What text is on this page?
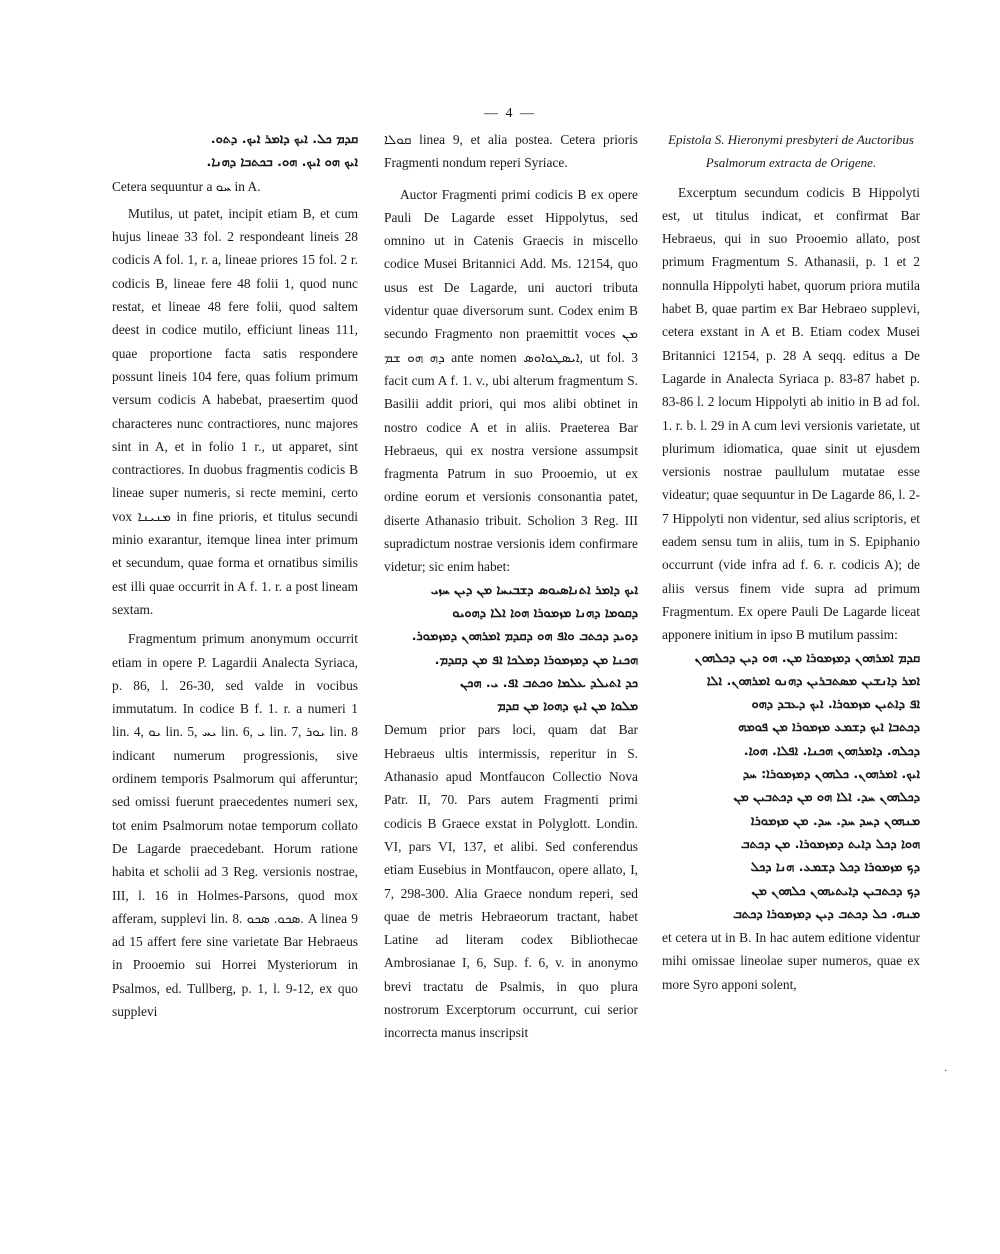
— 4 —
ܩܕܡ ܟܠ. ܐܝܟ ܕܐܡܪ ܐܝܟ. ܕܬܘ.
ܐܝܟ ܗܘ ܐܝܟ. ܗܘ. ܒܟܬܒܐ ܕܗܢܐ.

Cetera sequuntur a ܚܘ in A.

Mutilus, ut patet, incipit etiam B, et cum hujus lineae 33 fol. 2 respondeant lineis 28 codicis A fol. 1, r. a, lineae priores 15 fol. 2 r. codicis B, lineae fere 48 folii 1, quod nunc restat, et lineae 48 fere folii, quod saltem deest in codice mutilo, efficiunt lineas 111, quae proportione facta satis respondere possunt lineis 104 fere, quas folium primum versum codicis A habebat, praesertim quod characteres nunc contractiores, nunc majores sint in A, et in folio 1 r., ut apparet, sint contractiores. In duobus fragmentis codicis B lineae super numeris, si recte memini, certo vox ܡܢܝܢܐ in fine prioris, et titulus secundi minio exarantur, itemque linea inter primum et secundum, quae forma et ornatibus similis est illi quae occurrit in A f. 1. r. a post lineam sextam.

Fragmentum primum anonymum occurrit etiam in opere P. Lagardii Analecta Syriaca, p. 86, l. 26-30, sed valde in vocibus immutatum. In codice B f. 1. r. a numeri 1 lin. 4, ܝܘ lin. 5, ܝܚ lin. 6, ܝ lin. 7, ܝܘܪ lin. 8 indicant numerum progressionis, sive ordinem temporis Psalmorum qui afferuntur; sed omissi fuerunt praecedentes numeri sex, tot enim Psalmorum notae temporum collato De Lagarde praecedebant. Horum ratione habita et scholii ad 3 Reg. versionis nostrae, III, l. 16 in Holmes-Parsons, quod mox afferam, supplevi lin. 8. ܣܟܘ. ܣܟܘ. A linea 9 ad 15 affert fere sine varietate Bar Hebraeus in Prooemio sui Horrei Mysteriorum in Psalmos, ed. Tullberg, p. 1, l. 9-12, ex quo supplevi

ܩܘܠܐ linea 9, et alia postea. Cetera prioris Fragmenti nondum reperi Syriace.

Auctor Fragmenti primi codicis B ex opere Pauli De Lagarde esset Hippolytus, sed omnino ut in Catenis Graecis in miscello codice Musei Britannici Add. Ms. 12154, quo usus est De Lagarde, uni auctori tributa videntur quae diversorum sunt. Codex enim B secundo Fragmento non praemittit voces ܡܢ ܕܗ ܗܘ ܫܡ ante nomen ܐܝܣܛܘܐܘܣ, ut fol. 3 facit cum A f. 1. v., ubi alterum fragmentum S. Basilii addit priori, qui mos alibi obtinet in nostro codice A et in aliis. Praeterea Bar Hebraeus, qui ex nostra versione assumpsit fragmenta Patrum in suo Prooemio, ut ex ordine eorum et versionis consonantia patet, diserte Athanasio tribuit. Scholion 3 Reg. III supradictum nostrae versionis idem confirmare videtur; sic enim habet:

ܐܝܟ ܕܐܡܪ ܐܬܢܐܣܝܘܣ ܕܫܒܝܚܐ ܡܢ ܕܝܢ ܚܙܝ
ܕܩܘܡܐ ܕܗܢܐ ܡܙܡܘܪܐ ܗܘܐ ܐܠܐ ܕܗܘܝܘ
ܕܘܝܕ ܕܟܬܒ ܘܐܦ ܗܘ ܕܩܕܡ ܐܡܪܗܘܢ ܕܡܙܡܘܪ.
ܗܟܢܐ ܡܢ ܕܡܙܡܘܪܐ ܕܡܠܟܐ ܐܦ ܡܢ ܕܩܕܡ.
ܟܕ ܐܬܝܠܕ ܥܠܡܐ ܘܟܬܒ ܐܦ. ܝ. ܗܟܢ
ܡܠܘܐ ܡܢ ܐܝܟ ܕܗܘܐ ܡܢ ܩܕܡ

Demum prior pars loci, quam dat Bar Hebraeus ultis intermissis, reperitur in S. Athanasio apud Montfaucon Collectio Nova Patr. II, 70. Pars autem Fragmenti primi codicis B Graece exstat in Polyglott. Londin. VI, pars VI, 137, et alibi. Sed conferendus etiam Eusebius in Montfaucon, opere allato, I, 7, 298-300. Alia Graece nondum reperi, sed quae de metris Hebraeorum tractant, habet Latine ad literam codex Bibliothecae Ambrosianae I, 6, Sup. f. 6, v. in anonymo brevi tractatu de Psalmis, in quo plura nostrorum Excerptorum occurrunt, cui serior incorrecta manus inscripsit

Epistola S. Hieronymi presbyteri de Auctoribus Psalmorum extracta de Origene.

Excerptum secundum codicis B Hippolyti est, ut titulus indicat, et confirmat Bar Hebraeus, qui in suo Prooemio allato, post primum Fragmentum S. Athanasii, p. 1 et 2 nonnulla Hippolyti habet, quorum priora mutila habet B, quae partim ex Bar Hebraeo supplevi, cetera exstant in A et B. Etiam codex Musei Britannici 12154, p. 28 A seqq. editus a De Lagarde in Analecta Syriaca p. 83-87 habet p. 83-86 l. 2 locum Hippolyti ab initio in B ad fol. 1. r. b. l. 29 in A cum levi versionis varietate, ut plurimum idiomatica, quae sinit ut ejusdem versionis nostrae paullulum mutatae esse videatur; quae sequuntur in De Lagarde 86, l. 2-7 Hippolyti non videntur, sed alius scriptoris, et eadem sensu tum in aliis, tum in S. Epiphanio occurrunt (vide infra ad f. 6. r. codicis A); de aliis versus finem vide supra ad primum Fragmentum. Ex opere Pauli De Lagarde liceat apponere initium in ipso B mutilum passim:

ܩܕܡ ܐܡܪܗܘܢ ܕܡܙܡܘܪܐ ܡܢ. ܗܘ ܕܝܢ ܕܟܠܗܘܢ
ܐܡܪ ܕܐܢܫܝܢ ܡܣܬܒܪܝܢ ܕܗܢܘ ܐܡܪܗܘܢ. ܐܠܐ
ܐܦ ܕܐܬܝܢ ܡܙܡܘܪܐ. ܐܝܟ ܕܥܒܕ ܕܗܘ
ܕܟܬܒܐ ܐܝܟ ܕܫܡܥ ܡܙܡܘܪܐ ܡܢ ܦܘܡܗ
ܕܟܠܗ. ܕܐܡܪܗܘܢ ܗܟܢܐ. ܐܦܠܐ. ܗܘܐ.
ܐܝܟ. ܐܡܪܗܘܢ. ܟܠܗܘܢ ܕܡܙܡܘܪܐ: ܚܕ
ܕܟܠܗܘܢ ܚܕ. ܐܠܐ ܗܘ ܡܢ ܕܟܬܒܝܢ ܡܢ
ܡܢܗܘܢ ܕܚܕ ܚܕ. ܚܕ. ܡܢ ܡܙܡܘܪܐ
ܗܘܐ ܕܟܠ ܕܐܝܬ ܕܡܙܡܘܪܐ. ܡܢ ܕܟܬܒ
ܕܟ ܡܙܡܘܪܐ ܕܟܠ ܕܫܡܥ. ܗܢܐ ܕܟܠ
ܕܟ ܕܟܬܒܝܢ ܕܐܝܬܝܗܘܢ ܟܠܗܘܢ ܡܢ
ܡܢܗ. ܟܠ ܕܟܬܒ ܕܝܢ ܕܡܙܡܘܪܐ ܕܟܬܒ

et cetera ut in B. In hac autem editione videntur mihi omissae lineolae super numeros, quae ex more Syro apponi solent,

·
